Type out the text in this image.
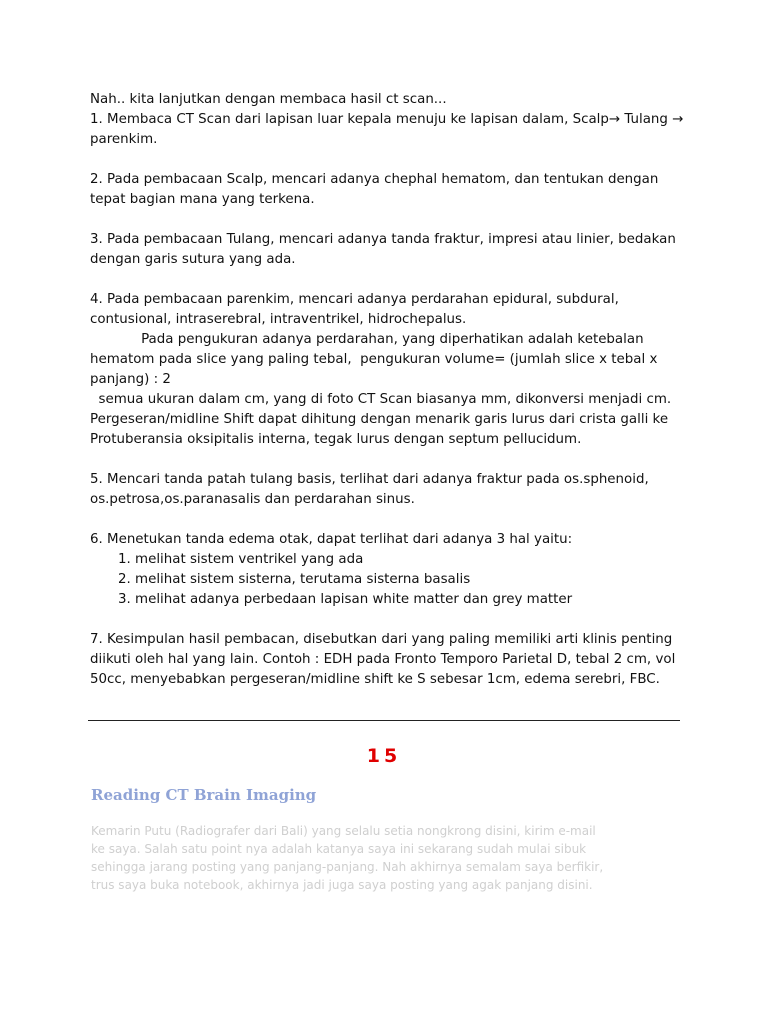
Nah.. kita lanjutkan dengan membaca hasil ct scan...

1. Membaca CT Scan dari lapisan luar kepala menuju ke lapisan dalam, Scalp→ Tulang →

parenkim.

2. Pada pembacaan Scalp, mencari adanya chephal hematom, dan tentukan dengan

tepat bagian mana yang terkena.

3. Pada pembacaan Tulang, mencari adanya tanda fraktur, impresi atau linier, bedakan

dengan garis sutura yang ada.

4. Pada pembacaan parenkim, mencari adanya perdarahan epidural, subdural,

contusional, intraserebral, intraventrikel, hidrochepalus.

Pada pengukuran adanya perdarahan, yang diperhatikan adalah ketebalan

hematom pada slice yang paling tebal,  pengukuran volume= (jumlah slice x tebal x

panjang) : 2

semua ukuran dalam cm, yang di foto CT Scan biasanya mm, dikonversi menjadi cm.

Pergeseran/midline Shift dapat dihitung dengan menarik garis lurus dari crista galli ke

Protuberansia oksipitalis interna, tegak lurus dengan septum pellucidum.

5. Mencari tanda patah tulang basis, terlihat dari adanya fraktur pada os.sphenoid,

os.petrosa,os.paranasalis dan perdarahan sinus.

6. Menetukan tanda edema otak, dapat terlihat dari adanya 3 hal yaitu:

1. melihat sistem ventrikel yang ada

2. melihat sistem sisterna, terutama sisterna basalis

3. melihat adanya perbedaan lapisan white matter dan grey matter

7. Kesimpulan hasil pembacan, disebutkan dari yang paling memiliki arti klinis penting

diikuti oleh hal yang lain. Contoh : EDH pada Fronto Temporo Parietal D, tebal 2 cm, vol

50cc, menyebabkan pergeseran/midline shift ke S sebesar 1cm, edema serebri, FBC.

15
Reading CT Brain Imaging

Kemarin Putu (Radiografer dari Bali) yang selalu setia nongkrong disini, kirim e-mail

ke saya. Salah satu point nya adalah katanya saya ini sekarang sudah mulai sibuk

sehingga jarang posting yang panjang-panjang. Nah akhirnya semalam saya berfikir,

trus saya buka notebook, akhirnya jadi juga saya posting yang agak panjang disini.
